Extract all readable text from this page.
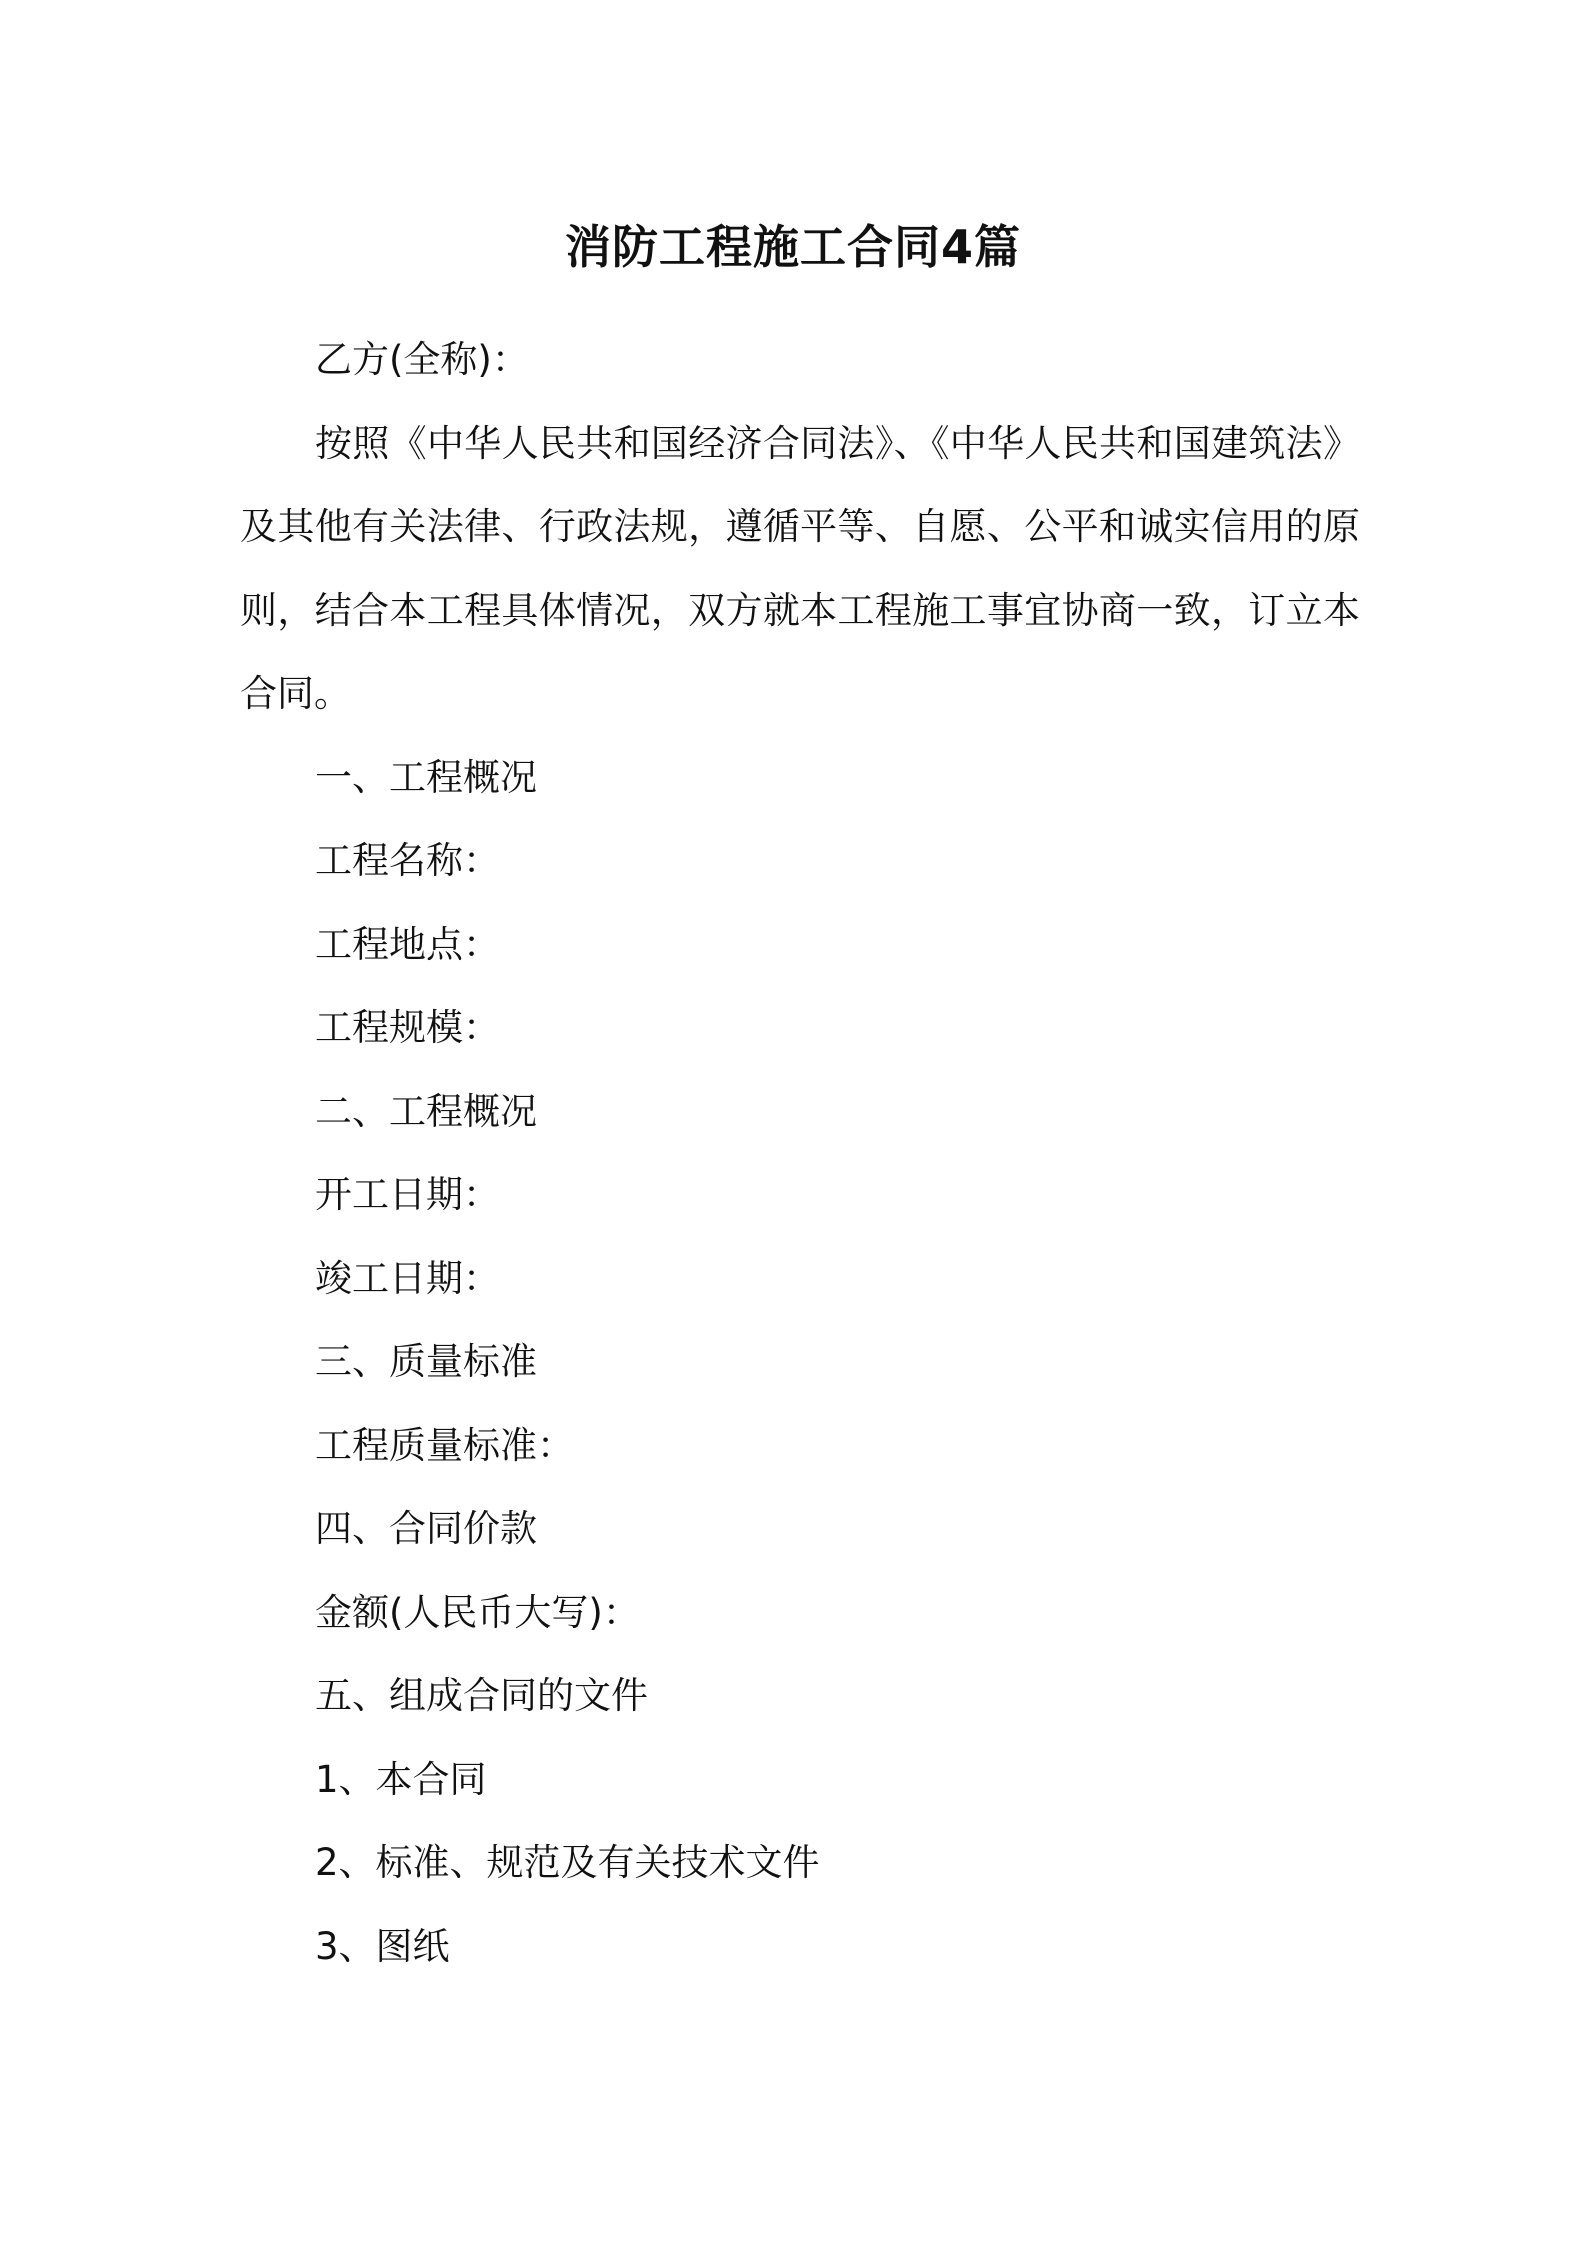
消防工程施工合同4篇
乙方(全称)：
按照《中华人民共和国经济合同法》、《中华人民共和国建筑法》
及其他有关法律、行政法规，遵循平等、自愿、公平和诚实信用的原
则，结合本工程具体情况，双方就本工程施工事宜协商一致，订立本
合同。
一、工程概况
工程名称：
工程地点：
工程规模：
二、工程概况
开工日期：
竣工日期：
三、质量标准
工程质量标准：
四、合同价款
金额(人民币大写)：
五、组成合同的文件
1、本合同
2、标准、规范及有关技术文件
3、图纸
